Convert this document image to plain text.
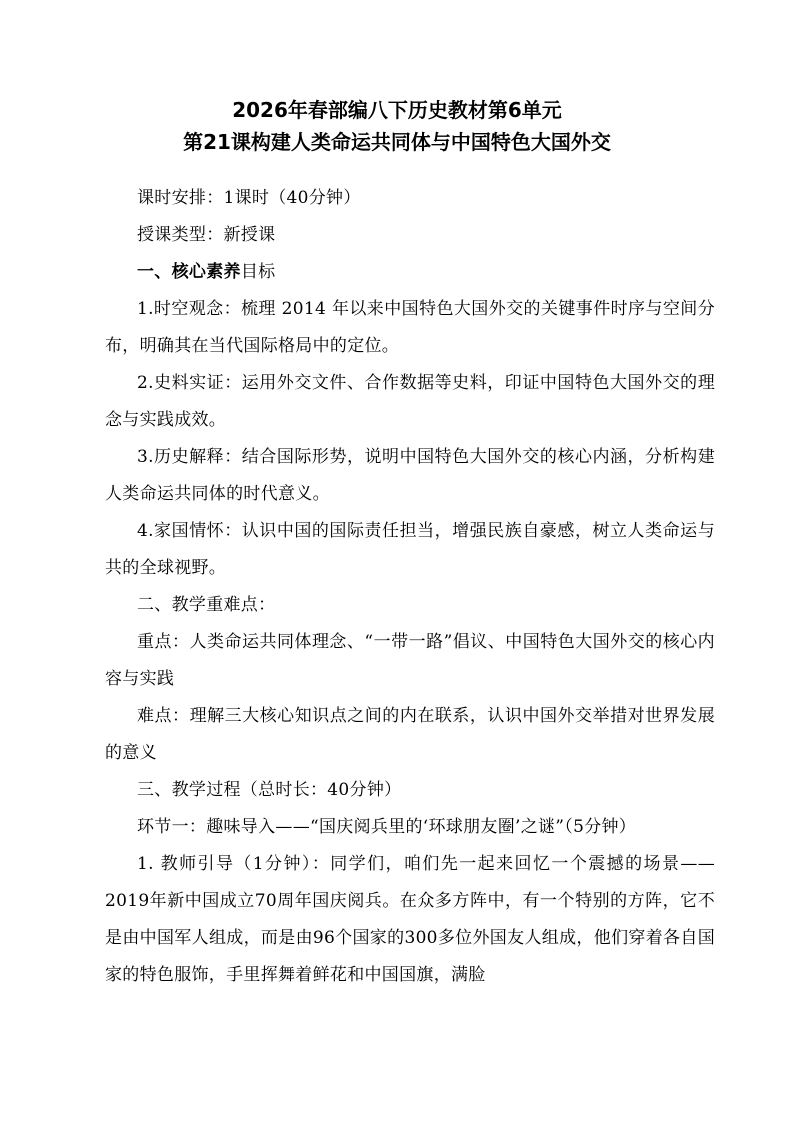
2026年春部编八下历史教材第6单元
第21课构建人类命运共同体与中国特色大国外交

课时安排：1课时（40分钟）

授课类型：新授课

一、核心素养目标

1.时空观念：梳理 2014 年以来中国特色大国外交的关键事件时序与空间分布，明确其在当代国际格局中的定位。

2.史料实证：运用外交文件、合作数据等史料，印证中国特色大国外交的理念与实践成效。

3.历史解释：结合国际形势，说明中国特色大国外交的核心内涵，分析构建人类命运共同体的时代意义。

4.家国情怀：认识中国的国际责任担当，增强民族自豪感，树立人类命运与共的全球视野。

二、教学重难点：

重点：人类命运共同体理念、“一带一路”倡议、中国特色大国外交的核心内容与实践

难点：理解三大核心知识点之间的内在联系，认识中国外交举措对世界发展的意义

三、教学过程（总时长：40分钟）

环节一：趣味导入——“国庆阅兵里的‘环球朋友圈’之谜”（5分钟）

1. 教师引导（1分钟）：同学们，咱们先一起来回忆一个震撼的场景——2019年新中国成立70周年国庆阅兵。在众多方阵中，有一个特别的方阵，它不是由中国军人组成，而是由96个国家的300多位外国友人组成，他们穿着各自国家的特色服饰，手里挥舞着鲜花和中国国旗，满脸
